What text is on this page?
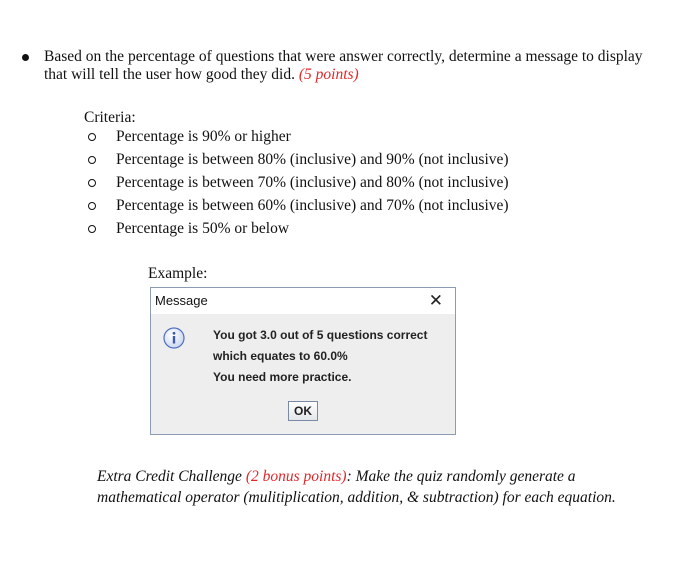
Based on the percentage of questions that were answer correctly, determine a message to display that will tell the user how good they did. (5 points)
Criteria:
Percentage is 90% or higher
Percentage is between 80% (inclusive) and 90% (not inclusive)
Percentage is between 70% (inclusive) and 80% (not inclusive)
Percentage is between 60% (inclusive) and 70% (not inclusive)
Percentage is 50% or below
Example:
Message	✕
You got 3.0 out of 5 questions correct
which equates to 60.0%
You need more practice.
OK
Extra Credit Challenge (2 bonus points): Make the quiz randomly generate a mathematical operator (mulitiplication, addition, & subtraction) for each equation.
